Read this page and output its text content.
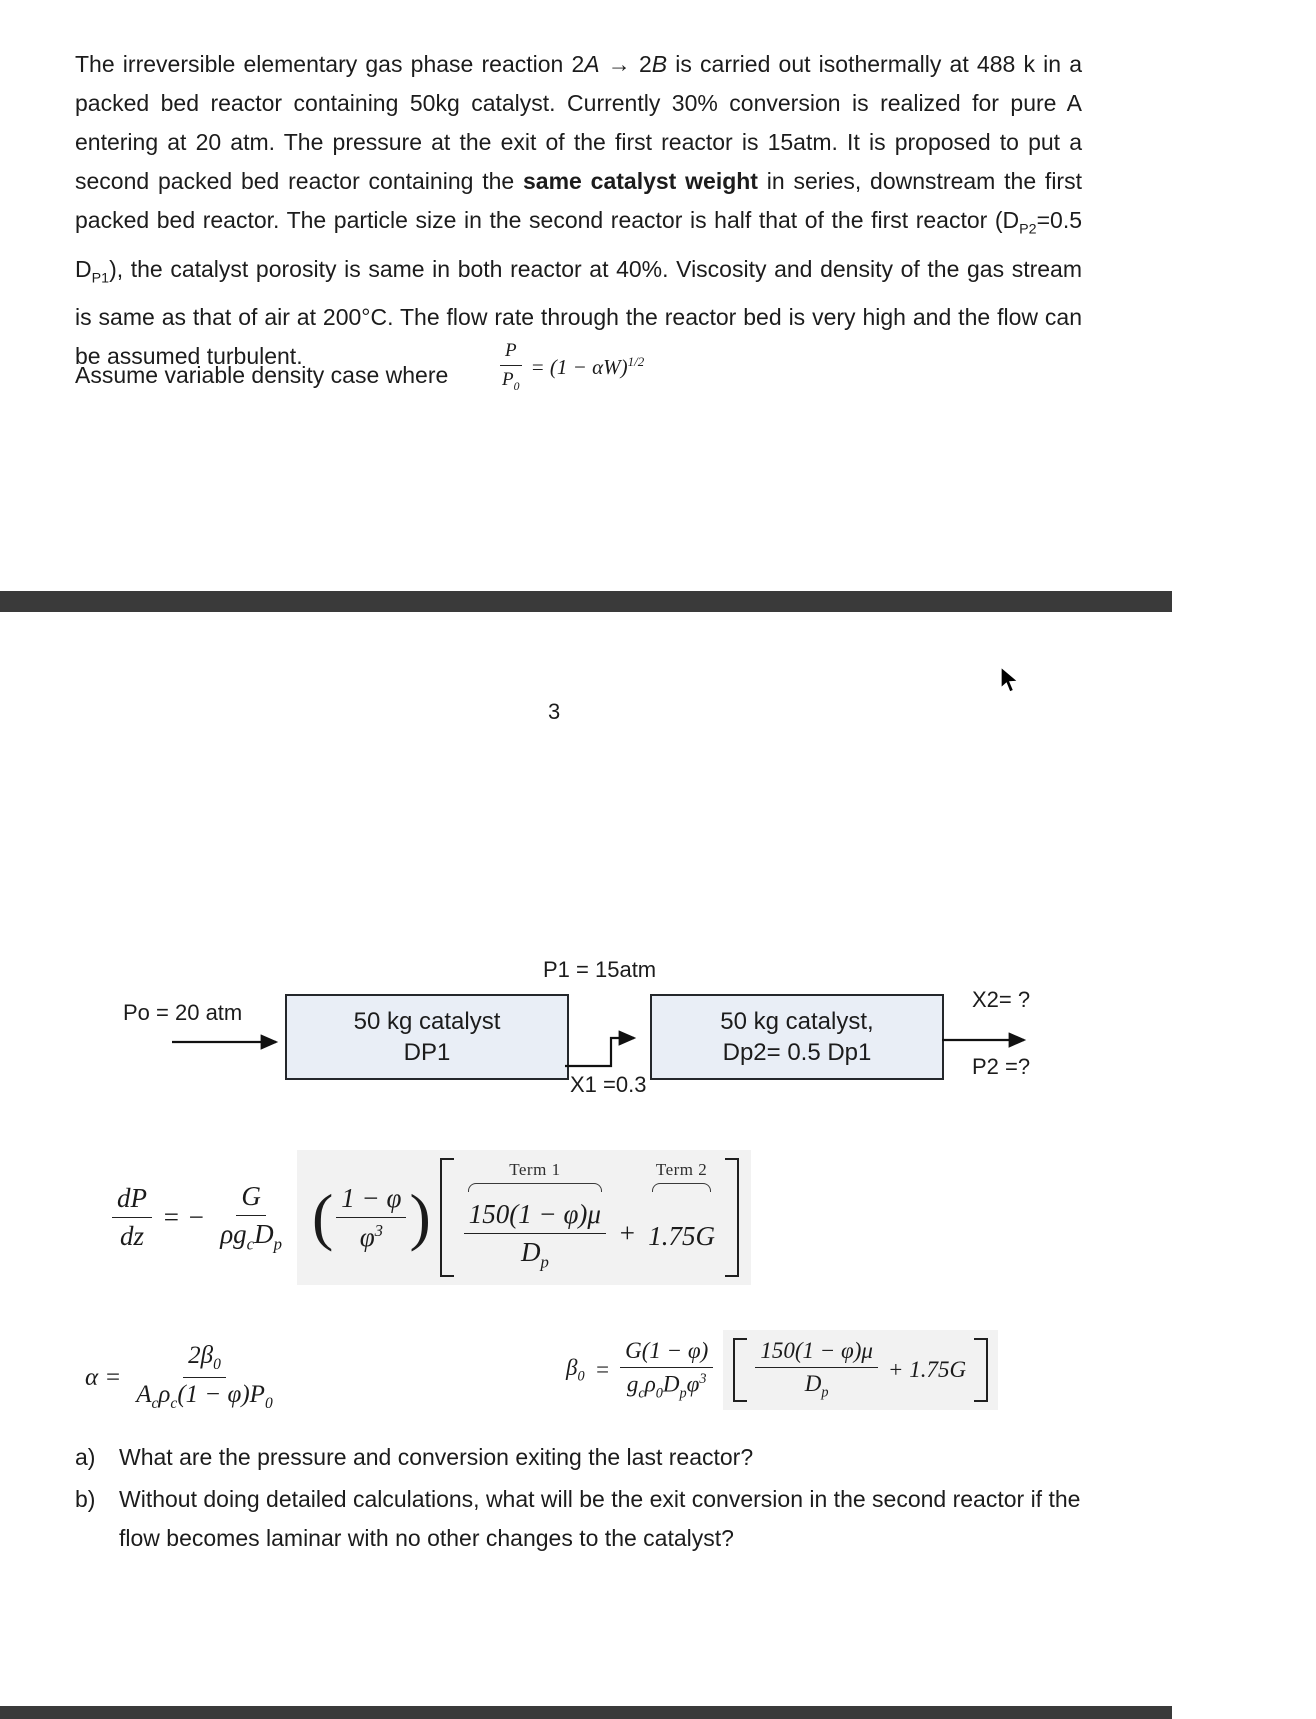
The irreversible elementary gas phase reaction 2A → 2B is carried out isothermally at 488 k in a packed bed reactor containing 50kg catalyst. Currently 30% conversion is realized for pure A entering at 20 atm. The pressure at the exit of the first reactor is 15atm. It is proposed to put a second packed bed reactor containing the same catalyst weight in series, downstream the first packed bed reactor. The particle size in the second reactor is half that of the first reactor ($D_{P2}=0.5$ $D_{P1}$), the catalyst porosity is same in both reactor at 40%. Viscosity and density of the gas stream is same as that of air at 200°C. The flow rate through the reactor bed is very high and the flow can be assumed turbulent.

Assume variable density case where	$\frac{P}{P_0} = (1 - \alpha W)^{1/2}$
3
P1 = 15atm
Po = 20 atm
X1 =0.3
X2= ?
P2 =?
50 kg catalyst
DP1
50 kg catalyst,
Dp2= 0.5 Dp1
$\frac{dP}{dz}$ = − $\frac{G}{\rho g_cD_p}$ ( $\frac{1 - \varphi}{\varphi^3}$ )
Term 1
$\frac{150(1 - \varphi)\mu}{D_p}$ +
Term 2
1.75G
$\alpha = \frac{2\beta_0}{A_c\rho_c(1 - \varphi)P_0}$	$\beta_0 = \frac{G(1 - \varphi)}{g_c\rho_0D_p\varphi^3} \frac{150(1 - \varphi)\mu}{D_p} + 1.75G$
a)	What are the pressure and conversion exiting the last reactor?
b)	Without doing detailed calculations, what will be the exit conversion in the second reactor if the flow becomes laminar with no other changes to the catalyst?
